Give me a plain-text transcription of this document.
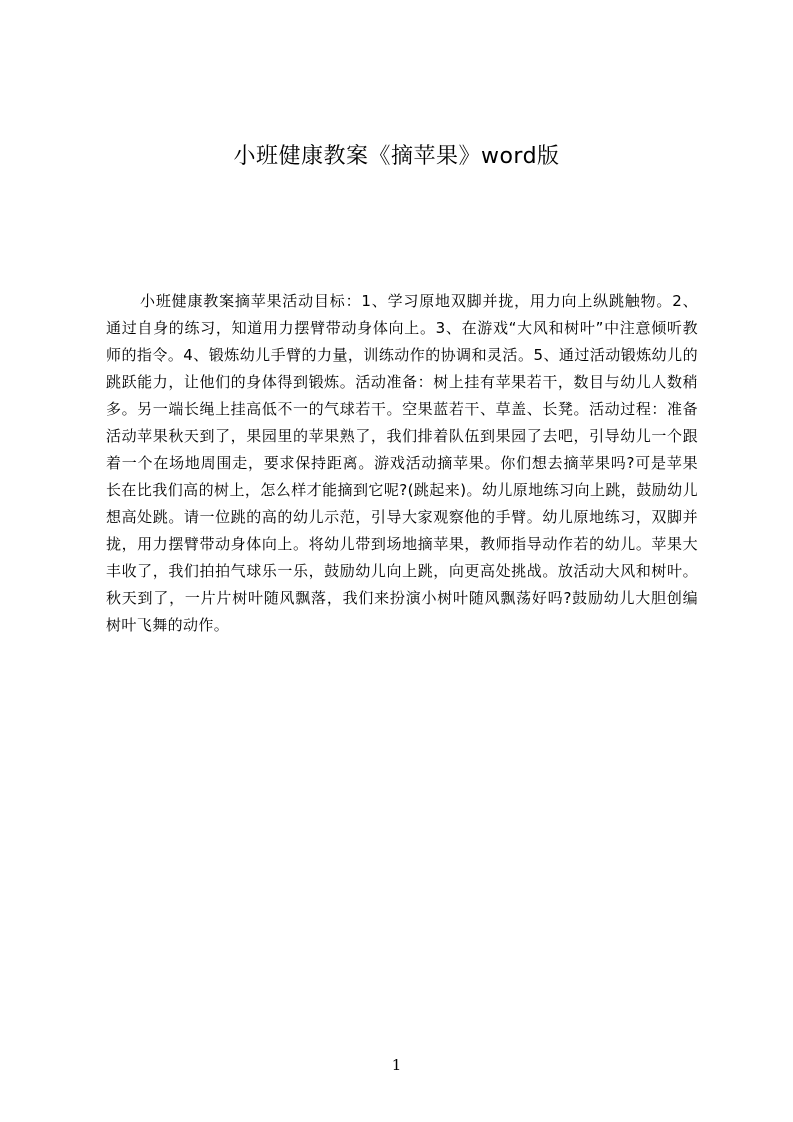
小班健康教案《摘苹果》word版
小班健康教案摘苹果活动目标：1、学习原地双脚并拢，用力向上纵跳触物。2、通过自身的练习，知道用力摆臂带动身体向上。3、在游戏“大风和树叶”中注意倾听教师的指令。4、锻炼幼儿手臂的力量，训练动作的协调和灵活。5、通过活动锻炼幼儿的跳跃能力，让他们的身体得到锻炼。活动准备：树上挂有苹果若干，数目与幼儿人数稍多。另一端长绳上挂高低不一的气球若干。空果蓝若干、草盖、长凳。活动过程：准备活动苹果秋天到了，果园里的苹果熟了，我们排着队伍到果园了去吧，引导幼儿一个跟着一个在场地周围走，要求保持距离。游戏活动摘苹果。你们想去摘苹果吗?可是苹果长在比我们高的树上，怎么样才能摘到它呢?(跳起来)。幼儿原地练习向上跳，鼓励幼儿想高处跳。请一位跳的高的幼儿示范，引导大家观察他的手臂。幼儿原地练习，双脚并拢，用力摆臂带动身体向上。将幼儿带到场地摘苹果，教师指导动作若的幼儿。苹果大丰收了，我们拍拍气球乐一乐，鼓励幼儿向上跳，向更高处挑战。放活动大风和树叶。秋天到了，一片片树叶随风飘落，我们来扮演小树叶随风飘荡好吗?鼓励幼儿大胆创编树叶飞舞的动作。
1
